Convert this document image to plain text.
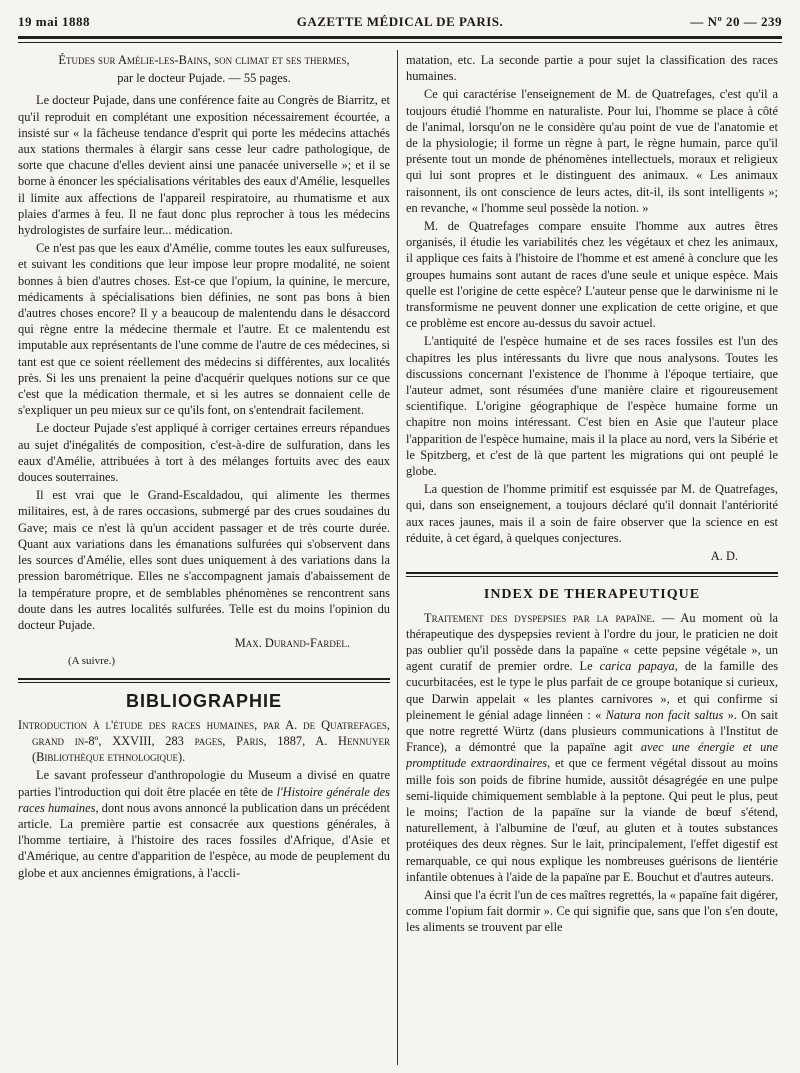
19 mai 1888	GAZETTE MÉDICAL DE PARIS.	— Nº 20 — 239

Études sur Amélie-les-Bains, son climat et ses thermes,

par le docteur Pujade. — 55 pages.

Le docteur Pujade, dans une conférence faite au Congrès de Biarritz, et qu'il reproduit en complétant une exposition nécessairement écourtée, a insisté sur « la fâcheuse tendance d'esprit qui porte les médecins attachés aux stations thermales à élargir sans cesse leur cadre pathologique, de sorte que chacune d'elles devient ainsi une panacée universelle »; et il se borne à énoncer les spécialisations véritables des eaux d'Amélie, lesquelles il limite aux affections de l'appareil respiratoire, au rhumatisme et aux plaies d'armes à feu. Il ne faut donc plus reprocher à tous les médecins hydrologistes de surfaire leur... médication.

Ce n'est pas que les eaux d'Amélie, comme toutes les eaux sulfureuses, et suivant les conditions que leur impose leur propre modalité, ne soient bonnes à bien d'autres choses. Est-ce que l'opium, la quinine, le mercure, médicaments à spécialisations bien définies, ne sont pas bons à bien d'autres choses encore? Il y a beaucoup de malentendu dans le désaccord qui règne entre la médecine thermale et l'autre. Et ce malentendu est imputable aux représentants de l'une comme de l'autre de ces médecines, si tant est que ce soient réellement des médecins si différentes, aux localités près. Si les uns prenaient la peine d'acquérir quelques notions sur ce que c'est que la médication thermale, et si les autres se donnaient celle de s'expliquer un peu mieux sur ce qu'ils font, on s'entendrait facilement.

Le docteur Pujade s'est appliqué à corriger certaines erreurs répandues au sujet d'inégalités de composition, c'est-à-dire de sulfuration, dans les eaux d'Amélie, attribuées à tort à des mélanges fortuits avec des eaux douces souterraines.

Il est vrai que le Grand-Escaldadou, qui alimente les thermes militaires, est, à de rares occasions, submergé par des crues soudaines du Gave; mais ce n'est là qu'un accident passager et de très courte durée. Quant aux variations dans les émanations sulfurées qui s'observent dans les sources d'Amélie, elles sont dues uniquement à des variations dans la pression barométrique. Elles ne s'accompagnent jamais d'abaissement de la température propre, et de semblables phénomènes se rencontrent sans doute dans les autres localités sulfurées. Telle est du moins l'opinion du docteur Pujade.

Max. Durand-Fardel.

(A suivre.)

BIBLIOGRAPHIE

Introduction à l'étude des races humaines, par A. de Quatrefages, grand in-8º, XXVIII, 283 pages, Paris, 1887, A. Hennuyer (Bibliothèque ethnologique).

Le savant professeur d'anthropologie du Museum a divisé en quatre parties l'introduction qui doit être placée en tête de l'Histoire générale des races humaines, dont nous avons annoncé la publication dans un précédent article. La première partie est consacrée aux questions générales, à l'homme tertiaire, à l'histoire des races fossiles d'Afrique, d'Asie et d'Amérique, au centre d'apparition de l'espèce, au mode de peuplement du globe et aux anciennes émigrations, à l'accli-

matation, etc. La seconde partie a pour sujet la classification des races humaines.

Ce qui caractérise l'enseignement de M. de Quatrefages, c'est qu'il a toujours étudié l'homme en naturaliste. Pour lui, l'homme se place à côté de l'animal, lorsqu'on ne le considère qu'au point de vue de l'anatomie et de la physiologie; il forme un règne à part, le règne humain, parce qu'il présente tout un monde de phénomènes intellectuels, moraux et religieux qui lui sont propres et le distinguent des animaux. « Les animaux raisonnent, ils ont conscience de leurs actes, dit-il, ils sont intelligents »; en revanche, « l'homme seul possède la notion. »

M. de Quatrefages compare ensuite l'homme aux autres êtres organisés, il étudie les variabilités chez les végétaux et chez les animaux, il applique ces faits à l'histoire de l'homme et est amené à conclure que les groupes humains sont autant de races d'une seule et unique espèce. Mais quelle est l'origine de cette espèce? L'auteur pense que le darwinisme ni le transformisme ne peuvent donner une explication de cette origine, et que ce problème est encore au-dessus du savoir actuel.

L'antiquité de l'espèce humaine et de ses races fossiles est l'un des chapitres les plus intéressants du livre que nous analysons. Toutes les discussions concernant l'existence de l'homme à l'époque tertiaire, que l'auteur admet, sont résumées d'une manière claire et rigoureusement scientifique. L'origine géographique de l'espèce humaine forme un chapitre non moins intéressant. C'est bien en Asie que l'auteur place l'apparition de l'espèce humaine, mais il la place au nord, vers la Sibérie et le Spitzberg, et c'est de là que partent les migrations qui ont peuplé le globe.

La question de l'homme primitif est esquissée par M. de Quatrefages, qui, dans son enseignement, a toujours déclaré qu'il donnait l'antériorité aux races jaunes, mais il a soin de faire observer que la science en est réduite, à cet égard, à quelques conjectures.

A. D.

INDEX DE THERAPEUTIQUE

Traitement des dyspepsies par la papaïne. — Au moment où la thérapeutique des dyspepsies revient à l'ordre du jour, le praticien ne doit pas oublier qu'il possède dans la papaïne « cette pepsine végétale », un agent curatif de premier ordre. Le carica papaya, de la famille des cucurbitacées, est le type le plus parfait de ce groupe botanique si curieux, que Darwin appelait « les plantes carnivores », et qui confirme si pleinement le génial adage linnéen : « Natura non facit saltus ». On sait que notre regretté Würtz (dans plusieurs communications à l'Institut de France), a démontré que la papaïne agit avec une énergie et une promptitude extraordinaires, et que ce ferment végétal dissout au moins mille fois son poids de fibrine humide, aussitôt désagrégée en une pulpe semi-liquide chimiquement semblable à la peptone. Qui peut le plus, peut le moins; l'action de la papaïne sur la viande de bœuf s'étend, naturellement, à l'albumine de l'œuf, au gluten et à toutes substances protéiques des deux règnes. Sur le lait, principalement, l'effet digestif est remarquable, ce qui nous explique les nombreuses guérisons de lientérie infantile obtenues à l'aide de la papaïne par E. Bouchut et d'autres auteurs.

Ainsi que l'a écrit l'un de ces maîtres regrettés, la « papaïne fait digérer, comme l'opium fait dormir ». Ce qui signifie que, sans que l'on s'en doute, les aliments se trouvent par elle
